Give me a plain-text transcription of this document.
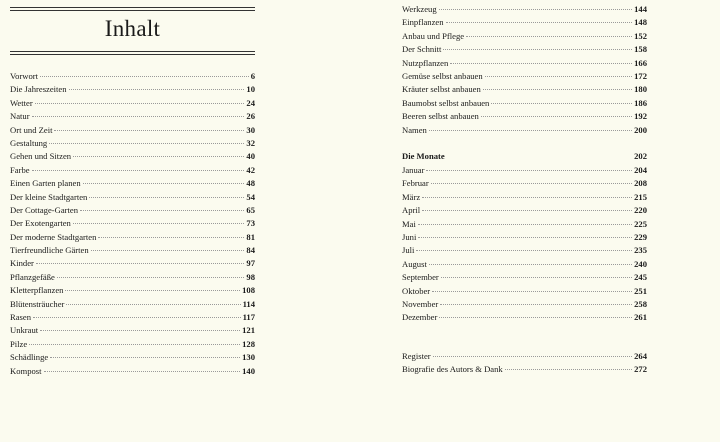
Inhalt
Vorwort	6
Die Jahreszeiten	10
Wetter	24
Natur	26
Ort und Zeit	30
Gestaltung	32
Gehen und Sitzen	40
Farbe	42
Einen Garten planen	48
Der kleine Stadtgarten	54
Der Cottage-Garten	65
Der Exotengarten	73
Der moderne Stadtgarten	81
Tierfreundliche Gärten	84
Kinder	97
Pflanzgefäße	98
Kletterpflanzen	108
Blütensträucher	114
Rasen	117
Unkraut	121
Pilze	128
Schädlinge	130
Kompost	140
Werkzeug	144
Einpflanzen	148
Anbau und Pflege	152
Der Schnitt	158
Nutzpflanzen	166
Gemüse selbst anbauen	172
Kräuter selbst anbauen	180
Baumobst selbst anbauen	186
Beeren selbst anbauen	192
Namen	200
Die Monate	202
Januar	204
Februar	208
März	215
April	220
Mai	225
Juni	229
Juli	235
August	240
September	245
Oktober	251
November	258
Dezember	261
Register	264
Biografie des Autors & Dank	272
